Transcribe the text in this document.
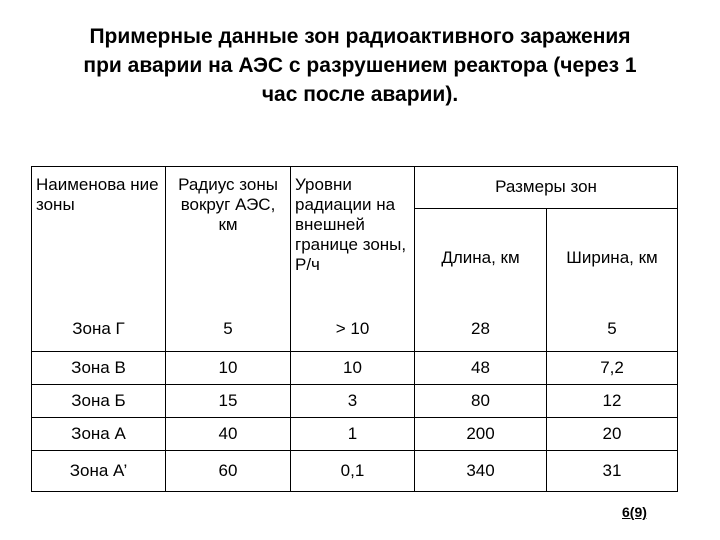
Примерные данные зон радиоактивного заражения
при аварии на АЭС с разрушением реактора (через 1
час после аварии).
Наименова ние зоны	Радиус зоны вокруг АЭС, км	Уровни радиации на внешней границе зоны, Р/ч	Размеры зон	
			Длина, км	Ширина, км
Зона Г	5	> 10	28	5
Зона В	10	10	48	7,2
Зона Б	15	3	80	12
Зона А	40	1	200	20
Зона А’	60	0,1	340	31
6(9)
